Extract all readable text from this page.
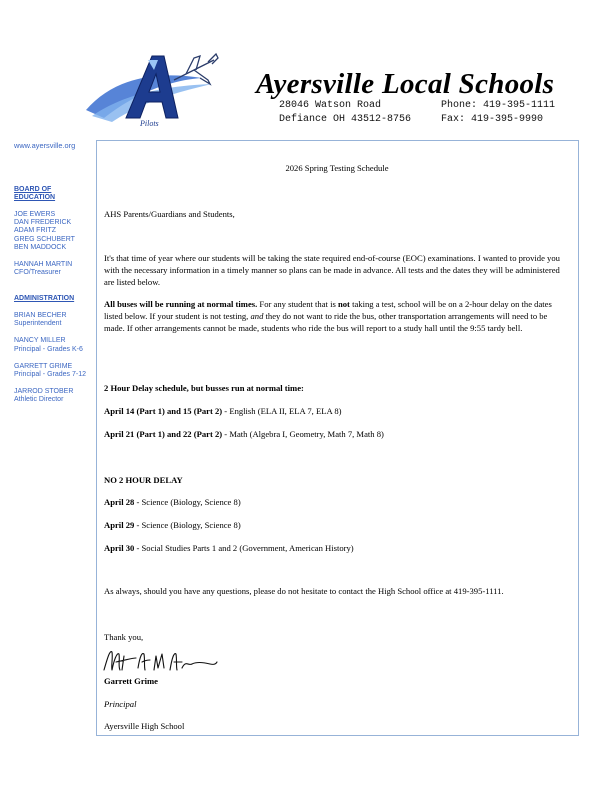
Pilots
Ayersville Local Schools
28046 Watson Road
Defiance OH 43512-8756
Phone: 419-395-1111
Fax: 419-395-9990
www.ayersville.org
BOARD OF
EDUCATION
JOE EWERS
DAN FREDERICK
ADAM FRITZ
GREG SCHUBERT
BEN MADDOCK
HANNAH MARTIN
CFO/Treasurer
ADMINISTRATION
BRIAN BECHER
Superintendent
NANCY MILLER
Principal - Grades K-6
GARRETT GRIME
Principal - Grades 7-12
JARROD STOBER
Athletic Director
2026 Spring Testing Schedule
AHS Parents/Guardians and Students,
It's that time of year where our students will be taking the state required end-of-course (EOC) examinations. I wanted to provide you with the necessary information in a timely manner so plans can be made in advance. All tests and the dates they will be administered are listed below.
All buses will be running at normal times. For any student that is not taking a test, school will be on a 2-hour delay on the dates listed below. If your student is not testing, and they do not want to ride the bus, other transportation arrangements will need to be made. If other arrangements cannot be made, students who ride the bus will report to a study hall until the 9:55 tardy bell.
2 Hour Delay schedule, but busses run at normal time:
April 14 (Part 1) and 15 (Part 2) - English (ELA II, ELA 7, ELA 8)
April 21 (Part 1) and 22 (Part 2) - Math (Algebra I, Geometry, Math 7, Math 8)
NO 2 HOUR DELAY
April 28 - Science (Biology, Science 8)
April 29 - Science (Biology, Science 8)
April 30 - Social Studies Parts 1 and 2 (Government, American History)
As always, should you have any questions, please do not hesitate to contact the High School office at 419-395-1111.
Thank you,
Garrett Grime
Principal
Ayersville High School
